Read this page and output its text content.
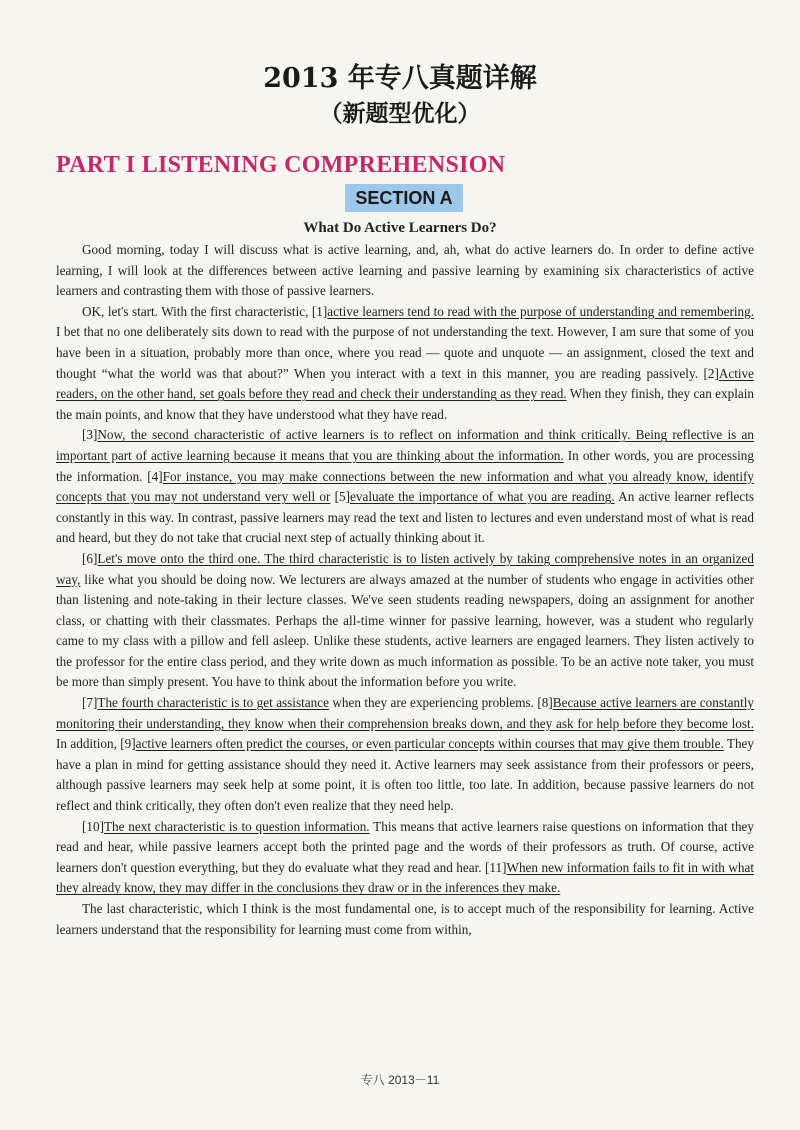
2013 年专八真题详解
（新题型优化）
PART I LISTENING COMPREHENSION
SECTION A
What Do Active Learners Do?

Good morning, today I will discuss what is active learning, and, ah, what do active learners do. In order to define active learning, I will look at the differences between active learning and passive learning by examining six characteristics of active learners and contrasting them with those of passive learners.

OK, let's start. With the first characteristic, [1]active learners tend to read with the purpose of understanding and remembering. I bet that no one deliberately sits down to read with the purpose of not understanding the text. However, I am sure that some of you have been in a situation, probably more than once, where you read — quote and unquote — an assignment, closed the text and thought “what the world was that about?” When you interact with a text in this manner, you are reading passively. [2]Active readers, on the other hand, set goals before they read and check their understanding as they read. When they finish, they can explain the main points, and know that they have understood what they have read.

[3]Now, the second characteristic of active learners is to reflect on information and think critically. Being reflective is an important part of active learning because it means that you are thinking about the information. In other words, you are processing the information. [4]For instance, you may make connections between the new information and what you already know, identify concepts that you may not understand very well or [5]evaluate the importance of what you are reading. An active learner reflects constantly in this way. In contrast, passive learners may read the text and listen to lectures and even understand most of what is read and heard, but they do not take that crucial next step of actually thinking about it.

[6]Let's move onto the third one. The third characteristic is to listen actively by taking comprehensive notes in an organized way, like what you should be doing now. We lecturers are always amazed at the number of students who engage in activities other than listening and note-taking in their lecture classes. We've seen students reading newspapers, doing an assignment for another class, or chatting with their classmates. Perhaps the all-time winner for passive learning, however, was a student who regularly came to my class with a pillow and fell asleep. Unlike these students, active learners are engaged learners. They listen actively to the professor for the entire class period, and they write down as much information as possible. To be an active note taker, you must be more than simply present. You have to think about the information before you write.

[7]The fourth characteristic is to get assistance when they are experiencing problems. [8]Because active learners are constantly monitoring their understanding, they know when their comprehension breaks down, and they ask for help before they become lost. In addition, [9]active learners often predict the courses, or even particular concepts within courses that may give them trouble. They have a plan in mind for getting assistance should they need it. Active learners may seek assistance from their professors or peers, although passive learners may seek help at some point, it is often too little, too late. In addition, because passive learners do not reflect and think critically, they often don't even realize that they need help.

[10]The next characteristic is to question information. This means that active learners raise questions on information that they read and hear, while passive learners accept both the printed page and the words of their professors as truth. Of course, active learners don't question everything, but they do evaluate what they read and hear. [11]When new information fails to fit in with what they already know, they may differ in the conclusions they draw or in the inferences they make.

The last characteristic, which I think is the most fundamental one, is to accept much of the responsibility for learning. Active learners understand that the responsibility for learning must come from within,

专八 2013－11
